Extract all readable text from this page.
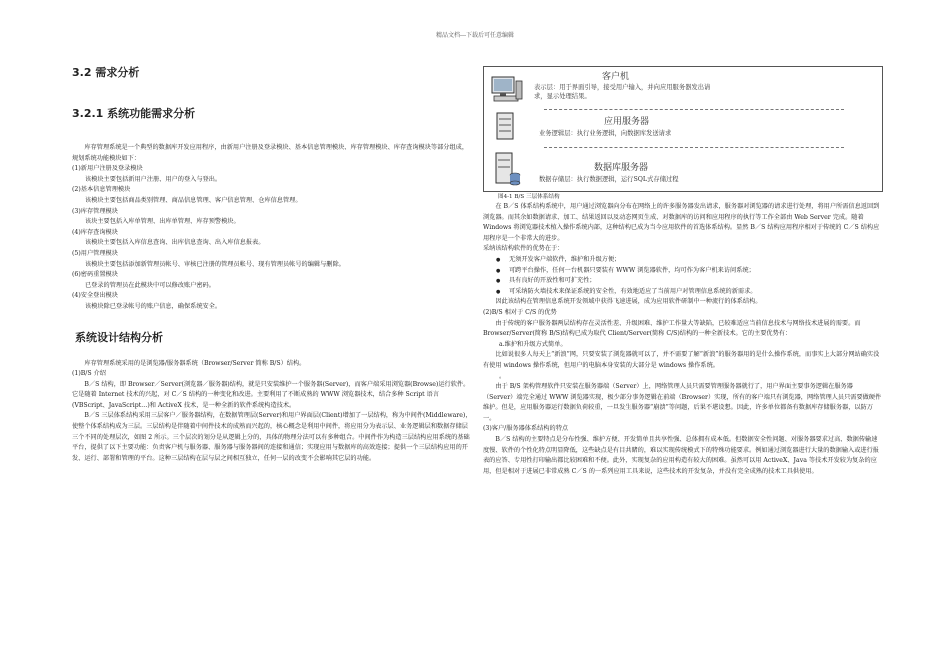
精品文档---下载后可任意编辑
3.2 需求分析
3.2.1 系统功能需求分析

库存管理系统是一个典型的数据库开发应用程序，由新用户注册及登录模块、基本信息管理模块、库存管理模块、库存查询模块等部分组成，规划系统功能模块如下：

(1)新用户注册及登录模块
该模块主要包括新用户注册、用户的登入与登出。
(2)基本信息管理模块
该模块主要包括商品类别管理、商品信息管理、客户信息管理、仓库信息管理。
(3)库存管理模块
该块主要包括入库单管理、出库单管理、库存预警模块。
(4)库存查询模块
该模块主要包括入库信息查询、出库信息查询、出入库信息报表。
(5)用户管理模块
该模块主要包括添加新管理员帐号、审核已注册的管理员帐号、现有管理员帐号的编辑与删除。
(6)密码重置模块
已登录的管理员在此模块中可以修改账户密码。
(4)安全登出模块
该模块除已登录帐号的账户信息，确保系统安全。
系统设计结构分析

库存管理系统采用的是浏览器/服务器系统（Browser/Server 简称 B/S）结构。

(1)B/S 介绍

B／S 结构，即 Browser／Server(浏览器／服务器)结构，就是只安装维护一个服务器(Server)，而客户端采用浏览器(Browse)运行软件。它是随着 Internet 技术的兴起，对 C／S 结构的一种变化和改进。主要利用了不断成熟的 WWW 浏览器技术，结合多种 Script 语言(VBScript、JavaScript…)和 ActiveX 技术，是一种全新的软件系统构造技术。

B／S 三层体系结构采用三层客户／服务器结构，在数据管理层(Server)和用户界面层(Client)增加了一层结构，称为中间件(Middleware)，使整个体系结构成为三层。三层结构是伴随着中间件技术的成熟而兴起的，核心概念是利用中间件，将应用分为表示层、业务逻辑层和数据存储层三个不同的处理层次，如图 2 所示。三个层次的划分是从逻辑上分的，具体的物理分法可以有多种组合。中间件作为构造三层结构应用系统的基础平台，提供了以下主要功能：负责客户机与服务器、服务器与服务器间的连接和通信；实现应用与数据库的高效连接；提供一个三层结构应用的开发、运行、部署和管理的平台。这种三层结构在层与层之间相互独立，任何一层的改变不会影响其它层的功能。

客户机
表示层：用于界面引导，接受用户输入，并向应用服务器发出请求，显示处理结果。
应用服务器
业务逻辑层：执行业务逻辑，向数据库发送请求
数据库服务器
数据存储层：执行数据逻辑，运行SQL式存储过程
图4-1 B/S 三层体系结构

在 B／S 体系结构系统中，用户通过浏览器向分布在网络上的许多服务器发出请求，服务器对浏览器的请求进行处理，将用户所需信息返回到浏览器。而其余如数据请求、加工、结果返回以及动态网页生成、对数据库的访问和应用程序的执行等工作全部由 Web Server 完成。随着 Windows 将浏览器技术植入操作系统内部，这种结构已成为当今应用软件的首选体系结构。显然 B／S 结构应用程序相对于传统的 C／S 结构应用程序是一个非常大的进步。

采纳该结构软件的优势在于：
● 无须开发客户端软件，维护和升级方便；
● 可跨平台操作，任何一台机器只要装有 WWW 浏览器软件，均可作为客户机来访问系统；
● 具有良好的开放性和可扩充性；
● 可采纳防火墙技术来保证系统的安全性，有效地适应了当前用户对管理信息系统的新需求。

因此该结构在管理信息系统开发领域中获得飞速进展，成为应用软件研制中一种流行的体系结构。

(2)B/S 相对于 C/S 的优势

由于传统的客户服务器两层结构存在灵活性差、升级困难、维护工作量大等缺陷，已较难适应当前信息技术与网络技术进展的需要。而 Browser/Server(简称 B/S)结构已成为取代 Client/Server(简称 C/S)结构的一种全新技术。它的主要优势有：

a.维护和升级方式简单。

比如说很多人每天上“新浪”网，只要安装了浏览器就可以了，并不需要了解“新浪”的服务器用的是什么操作系统，而事实上大部分网站确实没有使用 windows 操作系统，但用户的电脑本身安装的大部分是 windows 操作系统。

。

由于 B/S 架构管理软件只安装在服务器端（Server）上，网络管理人员只需要管理服务器就行了，用户界面主要事务逻辑在服务器（Server）端完全通过 WWW 浏览器实现，极少部分事务逻辑在前端（Browser）实现，所有的客户端只有浏览器，网络管理人员只需要做硬件维护。但是，应用服务器运行数据负荷较重，一旦发生服务器“崩溃”等问题，后果不堪设想。因此，许多单位都备有数据库存储服务器，以防万一。

(3)客户/服务器体系结构的特点

B／S 结构的主要特点是分布性强、维护方便、开发简单且共享性强、总体拥有成本低。但数据安全性问题、对服务器要求过高、数据传输速度慢、软件的个性化特点明显降低，这些缺点是有目共睹的，难以实现传统模式下的特殊功能要求。例如通过浏览器进行大量的数据输入或进行报表的应答、专用性打印输出都比较困难和不便。此外，实现复杂的应用构造有较大的困难。虽然可以用 ActiveX、Java 等技术开发较为复杂的应用，但是相对于进展已非常成熟 C／S 的一系列应用工具来说，这些技术的开发复杂，并没有完全成熟的技术工具供使用。
